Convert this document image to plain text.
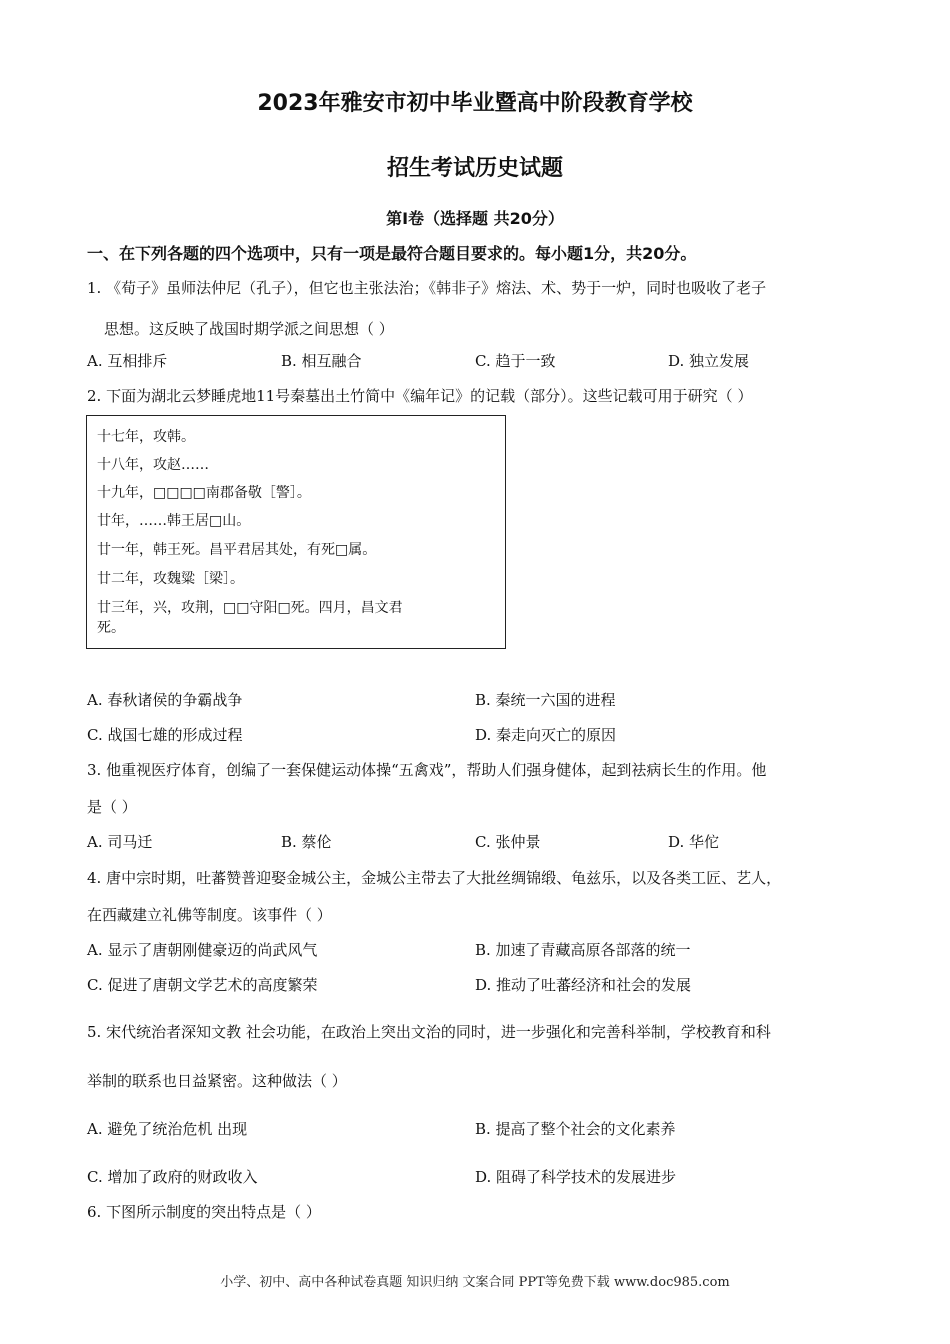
2023年雅安市初中毕业暨高中阶段教育学校
招生考试历史试题
第Ⅰ卷（选择题 共20分）
一、在下列各题的四个选项中，只有一项是最符合题目要求的。每小题1分，共20分。
1. 《荀子》虽师法仲尼（孔子），但它也主张法治；《韩非子》熔法、术、势于一炉，同时也吸收了老子
思想。这反映了战国时期学派之间思想（ ）
A. 互相排斥	B. 相互融合	C. 趋于一致	D. 独立发展
2. 下面为湖北云梦睡虎地11号秦墓出土竹简中《编年记》的记载（部分）。这些记载可用于研究（ ）
十七年，攻韩。
十八年，攻赵……
十九年，□□□□南郡备敬［警］。
廿年，……韩王居□山。
廿一年，韩王死。昌平君居其处，有死□属。
廿二年，攻魏粱［梁］。
廿三年，兴，攻荆，□□守阳□死。四月，昌文君
死。
A. 春秋诸侯的争霸战争	B. 秦统一六国的进程
C. 战国七雄的形成过程	D. 秦走向灭亡的原因
3. 他重视医疗体育，创编了一套保健运动体操“五禽戏”，帮助人们强身健体，起到祛病长生的作用。他
是（ ）
A. 司马迁	B. 蔡伦	C. 张仲景	D. 华佗
4. 唐中宗时期，吐蕃赞普迎娶金城公主，金城公主带去了大批丝绸锦缎、龟兹乐，以及各类工匠、艺人，
在西藏建立礼佛等制度。该事件（ ）
A. 显示了唐朝刚健豪迈的尚武风气	B. 加速了青藏高原各部落的统一
C. 促进了唐朝文学艺术的高度繁荣	D. 推动了吐蕃经济和社会的发展
5. 宋代统治者深知文教 社会功能，在政治上突出文治的同时，进一步强化和完善科举制，学校教育和科
举制的联系也日益紧密。这种做法（ ）
A. 避免了统治危机 出现	B. 提高了整个社会的文化素养
C. 增加了政府的财政收入	D. 阻碍了科学技术的发展进步
6. 下图所示制度的突出特点是（ ）
小学、初中、高中各种试卷真题 知识归纳 文案合同 PPT等免费下载 www.doc985.com
